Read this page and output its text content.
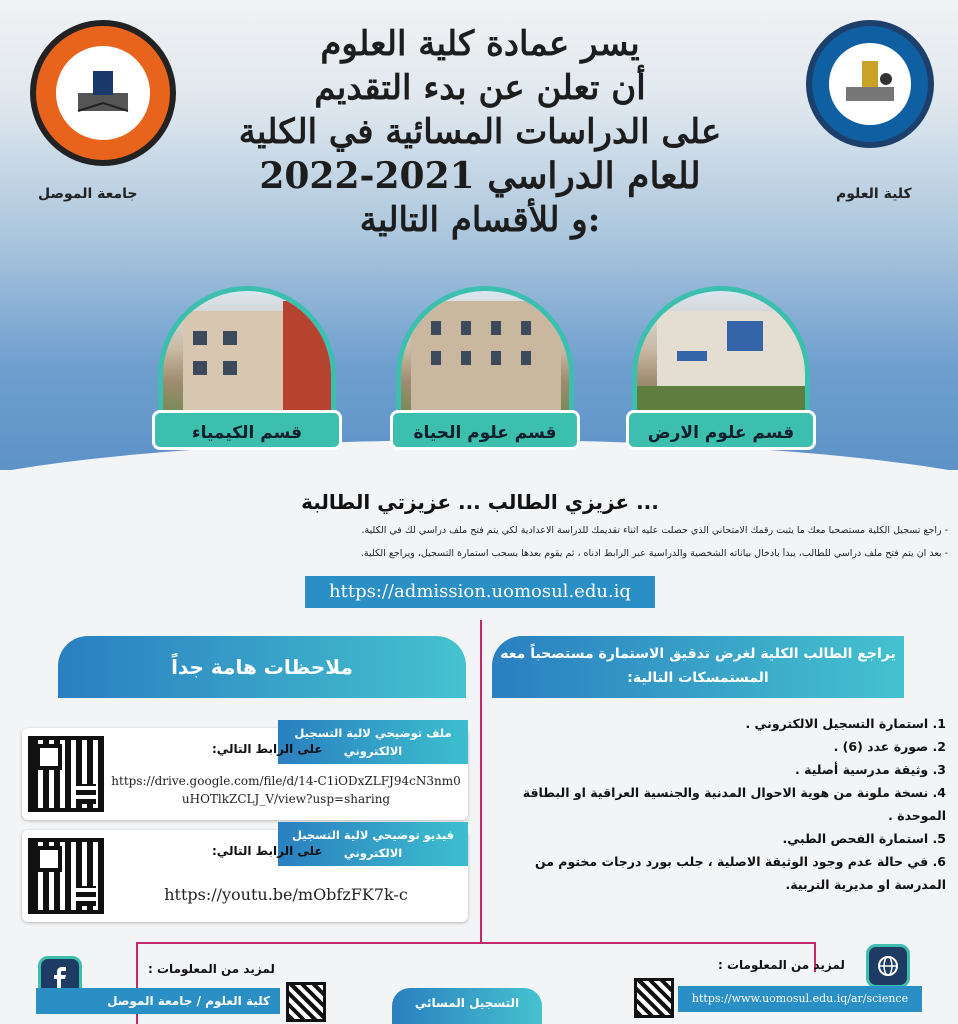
جامعة الموصل	كلية العلوم
يسر عمادة كلية العلوم
أن تعلن عن بدء التقديم
على الدراسات المسائية في الكلية
للعام الدراسي 2021-2022
و للأقسام التالية:
قسم الكيمياء	قسم علوم الحياة	قسم علوم الارض
عزيزي الطالب ... عزيزتي الطالبة ...
- راجع تسجيل الكلية مستصحبا معك ما يثبت رقمك الامتحاني الذي حصلت عليه اثناء تقديمك للدراسة الاعدادية لكي يتم فتح ملف دراسي لك في الكلية.
- بعد ان يتم فتح ملف دراسي للطالب، يبدأ بادخال بياناته الشخصية والدراسية عبر الرابط ادناه ، ثم يقوم بعدها بسحب استمارة التسجيل، ويراجع الكلية.
https://admission.uomosul.edu.iq
يراجع الطالب الكلية لغرض تدقيق الاستمارة مستصحباً معه المستمسكات التالية:
ملاحظات هامة جداً
1. استمارة التسجيل الالكتروني .
2. صورة عدد (6) .
3. وثيقة مدرسية أصلية .
4. نسخة ملونة من هوية الاحوال المدنية والجنسية العراقية او البطاقة الموحدة .
5. استمارة الفحص الطبي.
6. في حالة عدم وجود الوثيقة الاصلية ، جلب بورد درجات مختوم من المدرسة او مديرية التربية.
ملف توضيحي لالية التسجيل الالكتروني
على الرابط التالي:
https://drive.google.com/file/d/14-C1iODxZLFJ94cN3nm0uHOTlkZCLJ_V/view?usp=sharing
فيديو توضيحي لالية التسجيل الالكتروني
على الرابط التالي:
https://youtu.be/mObfzFK7k-c
لمزيد من المعلومات :
لمزيد من المعلومات :
https://www.uomosul.edu.iq/ar/science
كلية العلوم / جامعة الموصل	التسجيل المسائي
